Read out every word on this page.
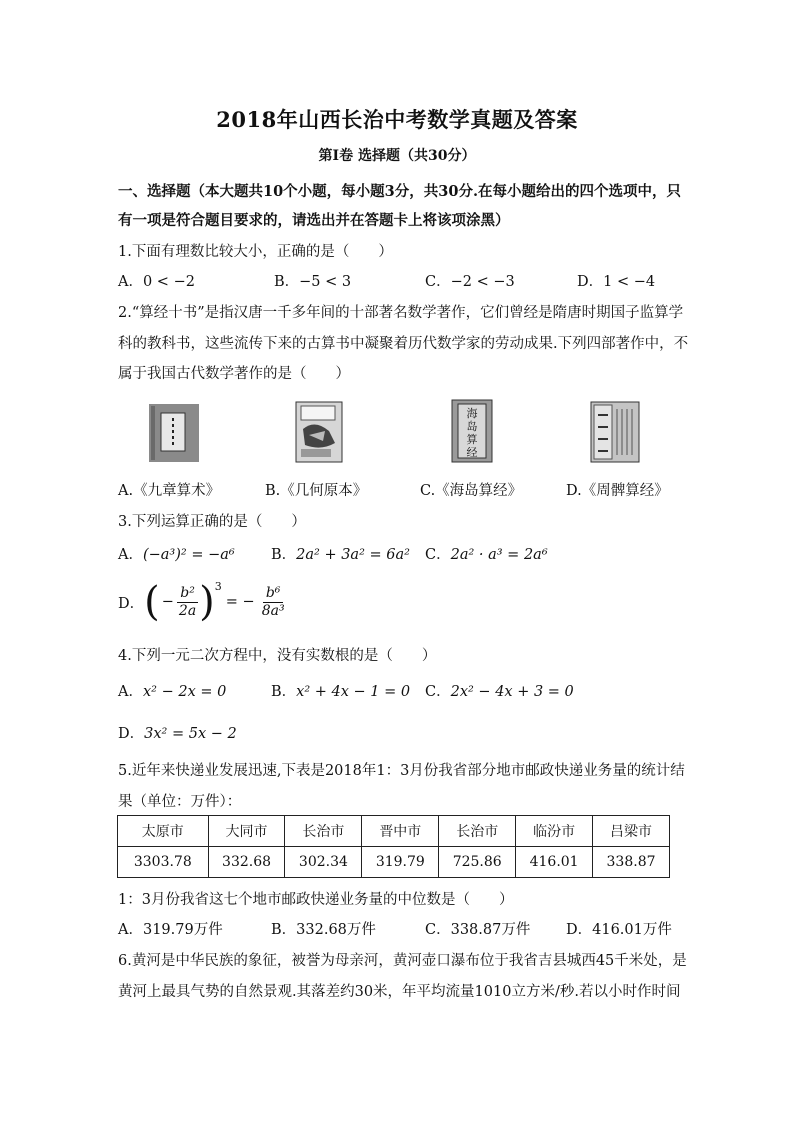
2018年山西长治中考数学真题及答案
第Ⅰ卷 选择题（共30分）
一、选择题（本大题共10个小题，每小题3分，共30分.在每小题给出的四个选项中，只
有一项是符合题目要求的，请选出并在答题卡上将该项涂黑）
1.下面有理数比较大小，正确的是（　　）
A．0 < −2	B．−5 < 3	C．−2 < −3	D．1 < −4
2.“算经十书”是指汉唐一千多年间的十部著名数学著作，它们曾经是隋唐时期国子监算学
科的教科书，这些流传下来的古算书中凝聚着历代数学家的劳动成果.下列四部著作中，不
属于我国古代数学著作的是（　　）
海
岛
算
经
A.《九章算术》	B.《几何原本》	C.《海岛算经》	D.《周髀算经》
3.下列运算正确的是（　　）
A．(−a³)² = −a⁶	B．2a² + 3a² = 6a² C．2a² · a³ = 2a⁶
D． ( − $\frac{\text{b²}}{2a}$ ) 3
= − $\frac{\text{b⁶}}{\text{8a³}}$
4.下列一元二次方程中，没有实数根的是（　　）
A．x² − 2x = 0	B．x² + 4x − 1 = 0 C．2x² − 4x + 3 = 0
D．3x² = 5x − 2
5.近年来快递业发展迅速,下表是2018年1：3月份我省部分地市邮政快递业务量的统计结
果（单位：万件）：
太原市	大同市	长治市	晋中市	长治市	临汾市	吕梁市
3303.78	332.68	302.34	319.79	725.86	416.01	338.87
1：3月份我省这七个地市邮政快递业务量的中位数是（　　）
A．319.79万件	B．332.68万件	C．338.87万件 D．416.01万件
6.黄河是中华民族的象征，被誉为母亲河，黄河壶口瀑布位于我省吉县城西45千米处，是
黄河上最具气势的自然景观.其落差约30米，年平均流量1010立方米/秒.若以小时作时间
